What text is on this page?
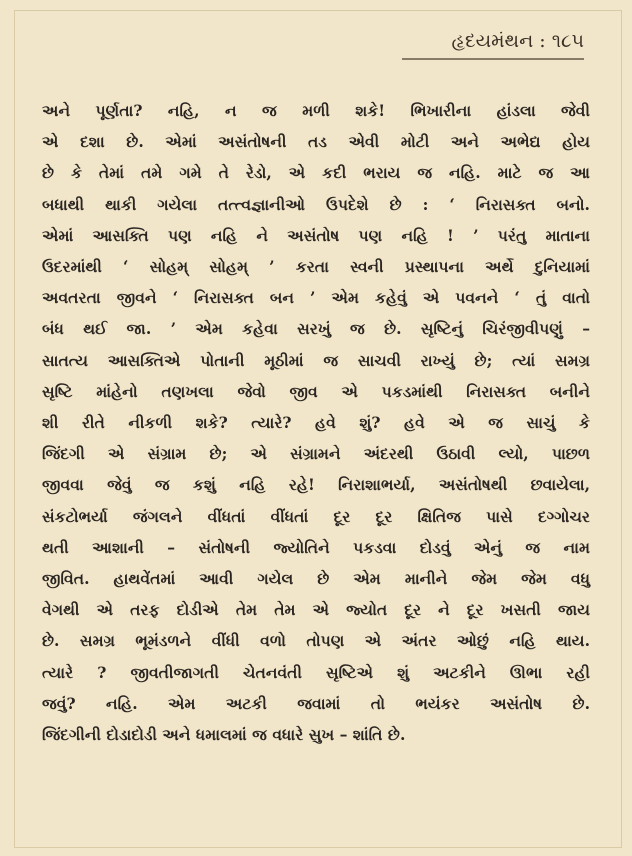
હૃદયમંથન : ૧૮૫
અને પૂર્ણતા? નહિ, ન જ મળી શકે! ભિખારીના હાંડલા જેવી
એ દશા છે. એમાં અસંતોષની તડ એવી મોટી અને અભેદ્ય હોય
છે કે તેમાં તમે ગમે તે રેડો, એ કદી ભરાય જ નહિ. માટે જ આ
બધાથી થાકી ગયેલા તત્ત્વજ્ઞાનીઓ ઉપદેશે છે : ‘ નિરાસક્ત બનો.
એમાં આસક્તિ પણ નહિ ને અસંતોષ પણ નહિ ! ’ પરંતુ માતાના
ઉદરમાંથી ‘ સોહમ્ સોહમ્ ’ કરતા સ્વની પ્રસ્થાપના અર્થે દુનિયામાં
અવતરતા જીવને ‘ નિરાસક્ત બન ’ એમ કહેવું એ પવનને ‘ તું વાતો
બંધ થઈ જા. ’ એમ કહેવા સરખું જ છે. સૃષ્ટિનું ચિરંજીવીપણું –
સાતત્ય આસક્તિએ પોતાની મૂઠીમાં જ સાચવી રાખ્યું છે; ત્યાં સમગ્ર
સૃષ્ટિ માંહેનો તણખલા જેવો જીવ એ પકડમાંથી નિરાસક્ત બનીને
શી રીતે નીકળી શકે? ત્યારે? હવે શું? હવે એ જ સાચું કે
જિંદગી એ સંગ્રામ છે; એ સંગ્રામને અંદરથી ઉઠાવી લ્યો, પાછળ
જીવવા જેવું જ કશું નહિ રહે! નિરાશાભર્યા, અસંતોષથી છવાયેલા,
સંકટોભર્યા જંગલને વીંધતાં વીંધતાં દૂર દૂર ક્ષિતિજ પાસે દગ્ગોચર
થતી આશાની – સંતોષની જ્યોતિને પકડવા દોડવું એનું જ નામ
જીવિત. હાથવેંતમાં આવી ગયેલ છે એમ માનીને જેમ જેમ વધુ
વેગથી એ તરફ દોડીએ તેમ તેમ એ જ્યોત દૂર ને દૂર ખસતી જાય
છે. સમગ્ર ભૂમંડળને વીંધી વળો તોપણ એ અંતર ઓછું નહિ થાય.
ત્યારે ? જીવતીજાગતી ચેતનવંતી સૃષ્ટિએ શું અટકીને ઊભા રહી
જવું? નહિ. એમ અટકી જવામાં તો ભયંકર અસંતોષ છે.
જિંદગીની દોડાદોડી અને ધમાલમાં જ વધારે સુખ – શાંતિ છે.
